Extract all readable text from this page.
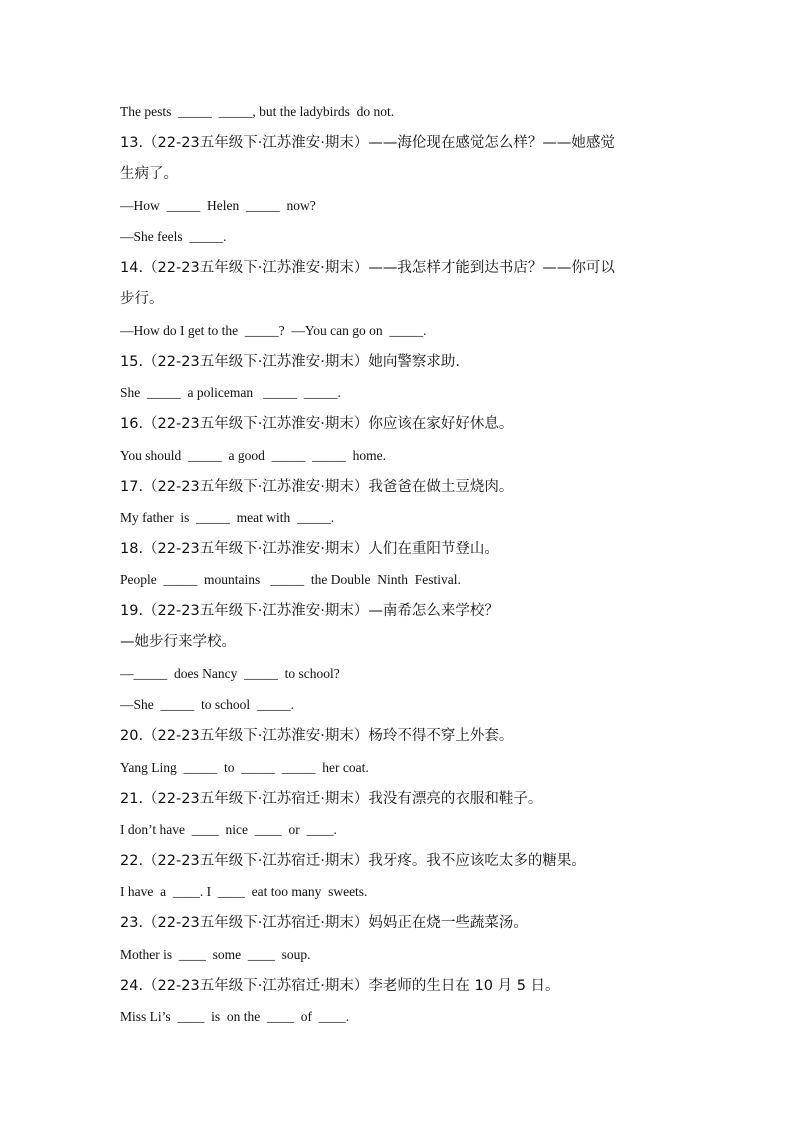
The pests  _____  _____, but the ladybirds  do not.
13.（22-23五年级下·江苏淮安·期末）——海伦现在感觉怎么样？——她感觉
生病了。
—How  _____  Helen  _____  now?
—She feels  _____.
14.（22-23五年级下·江苏淮安·期末）——我怎样才能到达书店？——你可以
步行。
—How do I get to the  _____?  —You can go on  _____.
15.（22-23五年级下·江苏淮安·期末）她向警察求助.
She  _____  a policeman   _____  _____.
16.（22-23五年级下·江苏淮安·期末）你应该在家好好休息。
You should  _____  a good  _____  _____  home.
17.（22-23五年级下·江苏淮安·期末）我爸爸在做土豆烧肉。
My father  is  _____  meat with  _____.
18.（22-23五年级下·江苏淮安·期末）人们在重阳节登山。
People  _____  mountains   _____  the Double  Ninth  Festival.
19.（22-23五年级下·江苏淮安·期末）—南希怎么来学校？
—她步行来学校。
—_____  does Nancy  _____  to school?
—She  _____  to school  _____.
20.（22-23五年级下·江苏淮安·期末）杨玲不得不穿上外套。
Yang Ling  _____  to  _____  _____  her coat.
21.（22-23五年级下·江苏宿迁·期末）我没有漂亮的衣服和鞋子。
I don’t have  ____  nice  ____  or  ____.
22.（22-23五年级下·江苏宿迁·期末）我牙疼。我不应该吃太多的糖果。
I have  a  ____. I  ____  eat too many  sweets.
23.（22-23五年级下·江苏宿迁·期末）妈妈正在烧一些蔬菜汤。
Mother is  ____  some  ____  soup.
24.（22-23五年级下·江苏宿迁·期末）李老师的生日在 10 月 5 日。
Miss Li’s  ____  is  on the  ____  of  ____.
